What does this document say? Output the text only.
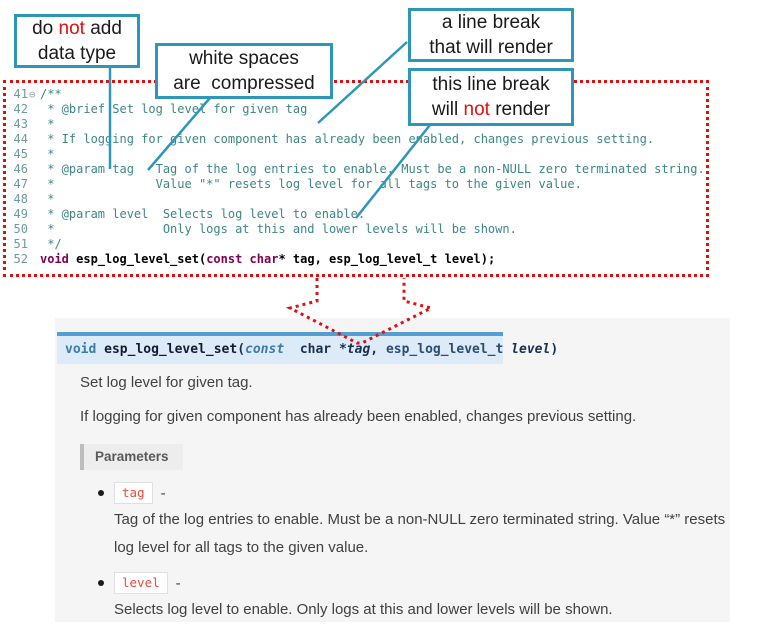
41 ⊖ /**
42 * @brief Set log level for given tag
43 *
44 * If logging for given component has already been enabled, changes previous setting.
45 *
46 * @param tag   Tag of the log entries to enable. Must be a non-NULL zero terminated string.
47 *              Value "*" resets log level for all tags to the given value.
48 *
49 * @param level  Selects log level to enable.
50 *               Only logs at this and lower levels will be shown.
51 */
52 void esp_log_level_set(const char* tag, esp_log_level_t level);
do not add
data type	white spaces
are  compressed
a line break
that will render
this line break
will not render
void esp_log_level_set(const  char *tag, esp_log_level_t level)
Set log level for given tag.
If logging for given component has already been enabled, changes previous setting.
Parameters
tag	-
Tag of the log entries to enable. Must be a non-NULL zero terminated string. Value “*” resets log level for all tags to the given value.
level	-
Selects log level to enable. Only logs at this and lower levels will be shown.
